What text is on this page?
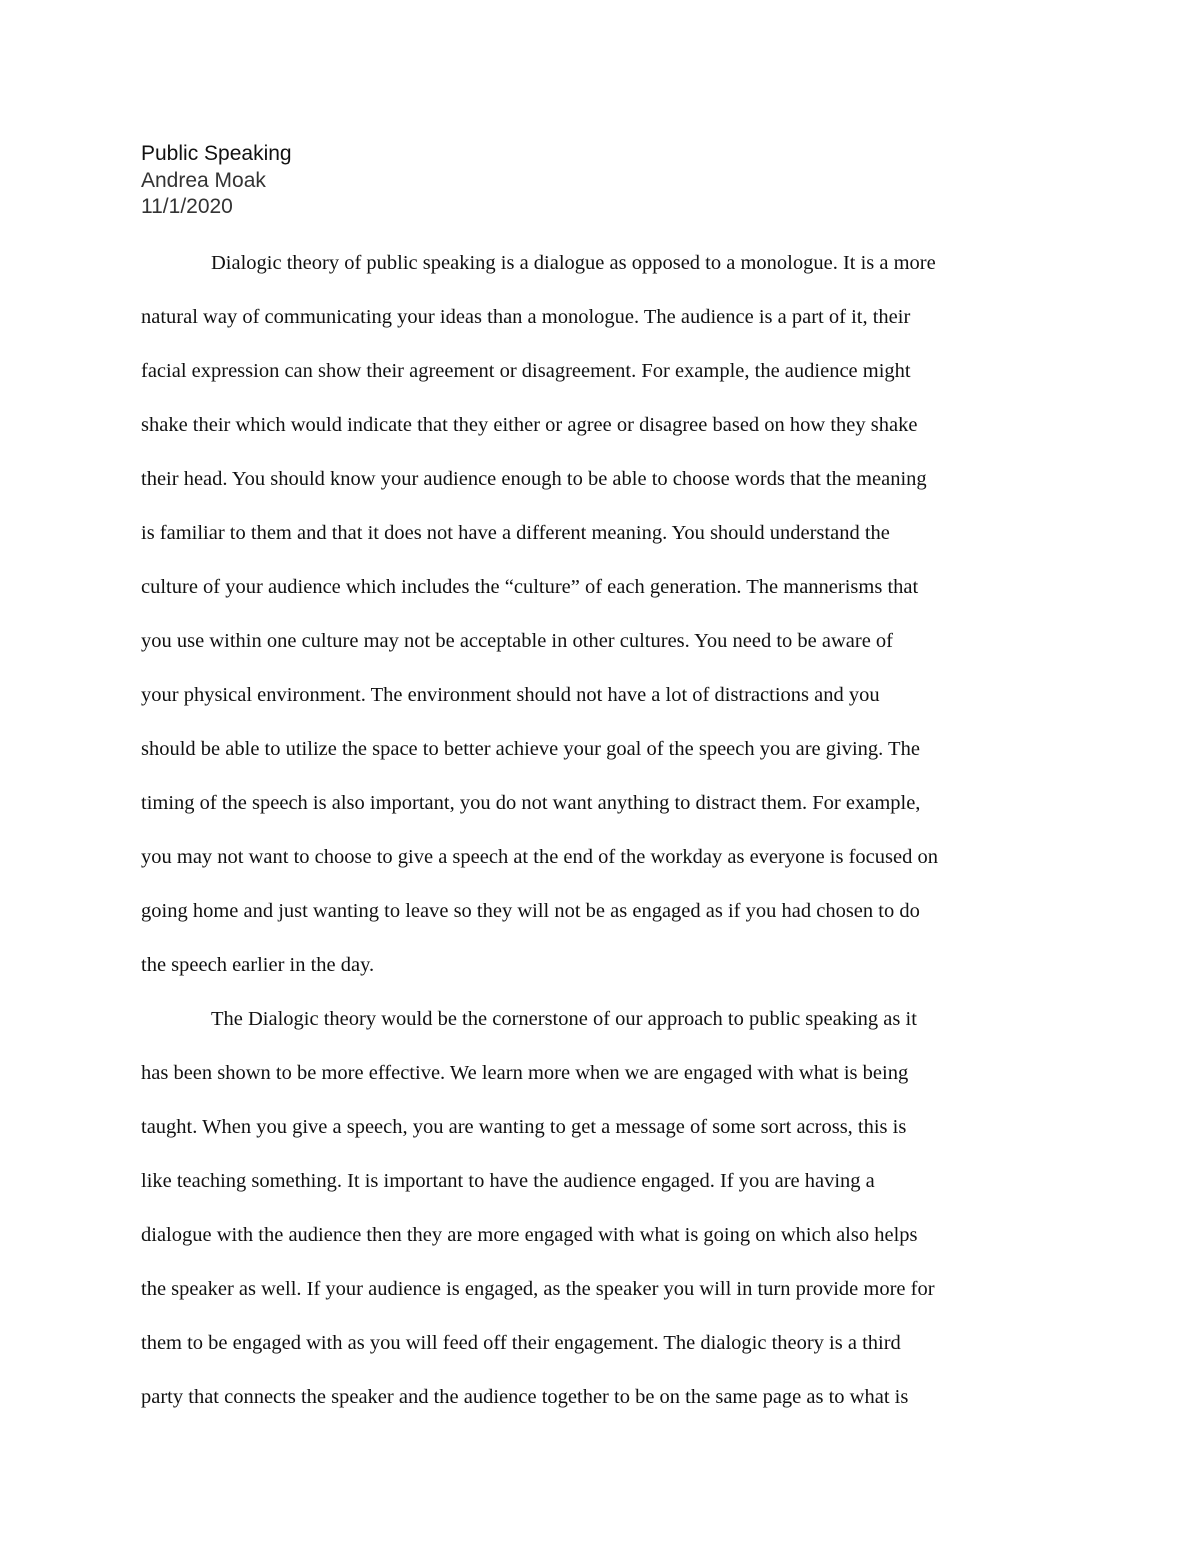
Public Speaking
Andrea Moak
11/1/2020
Dialogic theory of public speaking is a dialogue as opposed to a monologue. It is a more
natural way of communicating your ideas than a monologue. The audience is a part of it, their
facial expression can show their agreement or disagreement. For example, the audience might
shake their which would indicate that they either or agree or disagree based on how they shake
their head. You should know your audience enough to be able to choose words that the meaning
is familiar to them and that it does not have a different meaning. You should understand the
culture of your audience which includes the “culture” of each generation. The mannerisms that
you use within one culture may not be acceptable in other cultures. You need to be aware of
your physical environment. The environment should not have a lot of distractions and you
should be able to utilize the space to better achieve your goal of the speech you are giving. The
timing of the speech is also important, you do not want anything to distract them. For example,
you may not want to choose to give a speech at the end of the workday as everyone is focused on
going home and just wanting to leave so they will not be as engaged as if you had chosen to do
the speech earlier in the day.
The Dialogic theory would be the cornerstone of our approach to public speaking as it
has been shown to be more effective. We learn more when we are engaged with what is being
taught. When you give a speech, you are wanting to get a message of some sort across, this is
like teaching something. It is important to have the audience engaged. If you are having a
dialogue with the audience then they are more engaged with what is going on which also helps
the speaker as well. If your audience is engaged, as the speaker you will in turn provide more for
them to be engaged with as you will feed off their engagement. The dialogic theory is a third
party that connects the speaker and the audience together to be on the same page as to what is
